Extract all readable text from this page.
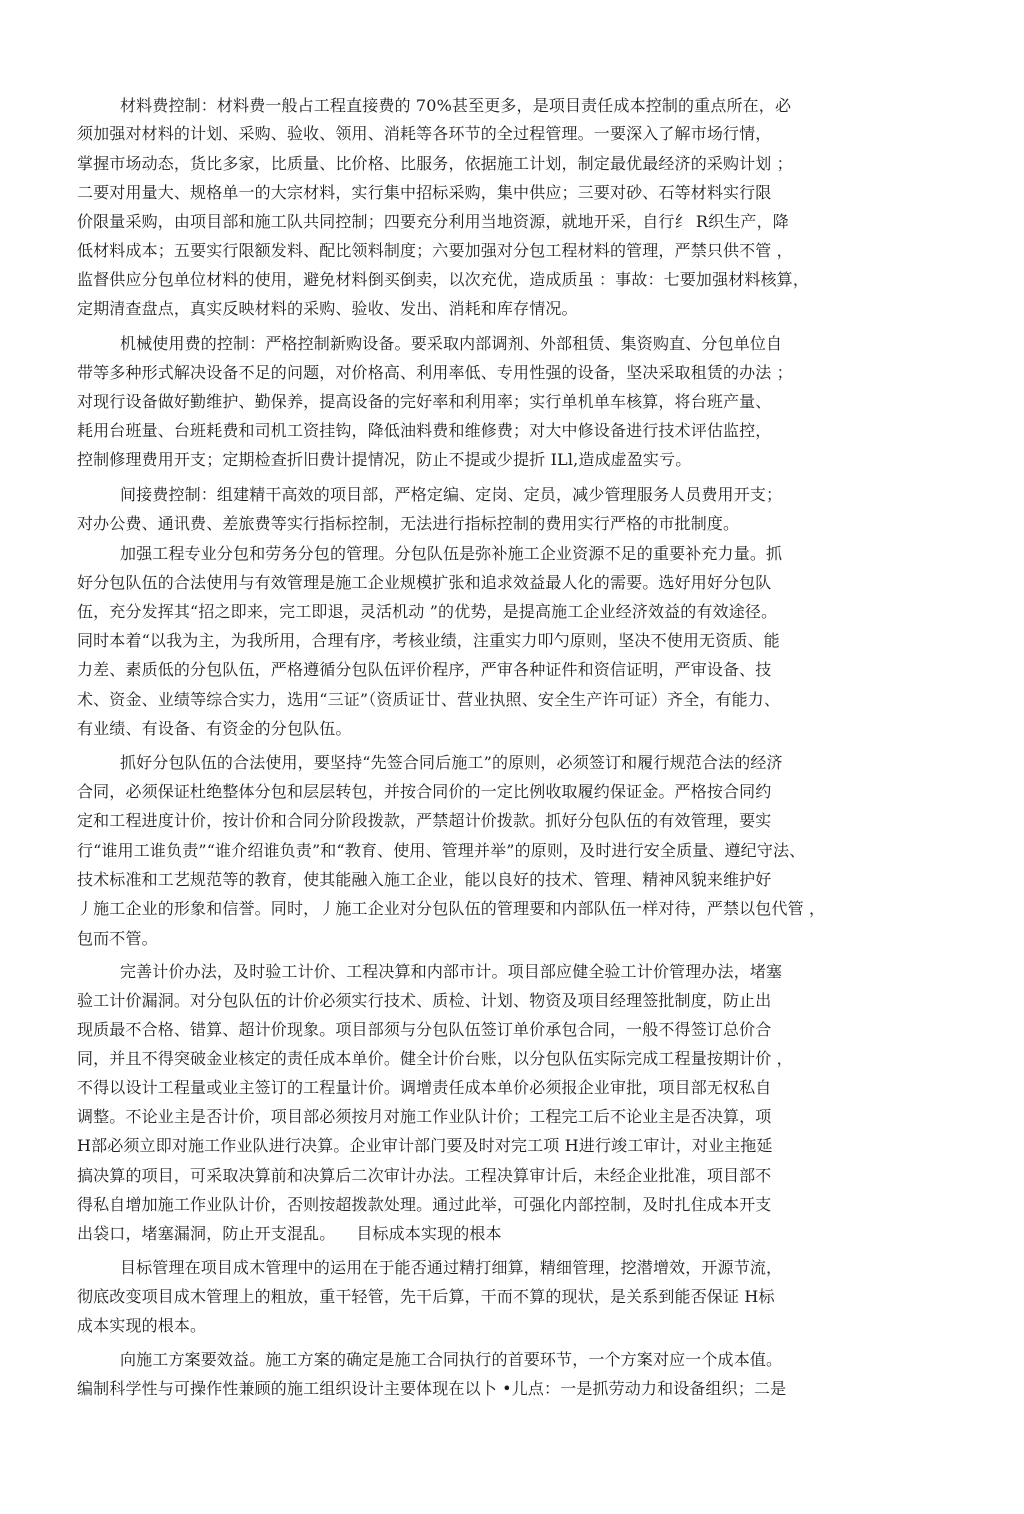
材料费控制：材料费一般占工程直接费的 70%甚至更多，是项目责任成本控制的重点所在，必
须加强对材料的计划、采购、验收、领用、消耗等各环节的全过程管理。一要深入了解市场行情，
掌握市场动态，货比多家，比质量、比价格、比服务，依据施工计划，制定最优最经济的采购计划 ；
二要对用量大、规格单一的大宗材料，实行集中招标采购，集中供应；三要对砂、石等材料实行限
价限量采购，由项目部和施工队共同控制；四要充分利用当地资源，就地开采，自行纟 R织生产，降
低材料成本；五要实行限额发料、配比领料制度；六要加强对分包工程材料的管理，严禁只供不管 ，
监督供应分包单位材料的使用，避免材料倒买倒卖，以次充优，造成质虽 ：事故：七要加强材料核算，
定期清查盘点，真实反映材料的采购、验收、发出、消耗和库存情况。
机械使用费的控制：严格控制新购设备。要采取内部调剂、外部租赁、集资购直、分包单位自
带等多种形式解决设备不足的问题，对价格高、利用率低、专用性强的设备，坚决采取租赁的办法 ；
对现行设备做好勤维护、勤保养，提高设备的完好率和利用率；实行单机单车核算，将台班产量、
耗用台班量、台班耗费和司机工资挂钩，降低油料费和维修费；对大中修设备进行技术评估监控，
控制修理费用开支；定期检查折旧费计提情况，防止不提或少提折 ILl,造成虚盈实亏。
间接费控制：组建精干高效的项目部，严格定编、定岗、定员，减少管理服务人员费用开支；
对办公费、通讯费、差旅费等实行指标控制，无法进行指标控制的费用实行严格的市批制度。
加强工程专业分包和劳务分包的管理。分包队伍是弥补施工企业资源不足的重要补充力量。抓
好分包队伍的合法使用与有效管理是施工企业规模扩张和追求效益最人化的需要。选好用好分包队
伍，充分发挥其“招之即来，完工即退，灵活机动 ”的优势，是提高施工企业经济效益的有效途径。
同时本着“以我为主，为我所用，合理有序，考核业绩，注重实力叩勺原则，坚决不使用无资质、能
力差、素质低的分包队伍，严格遵循分包队伍评价程序，严审各种证件和资信证明，严审设备、技
术、资金、业绩等综合实力，选用“三证”（资质证廿、营业执照、安全生产许可证）齐全，有能力、
有业绩、有设备、有资金的分包队伍。
抓好分包队伍的合法使用，要坚持“先签合同后施工”的原则，必须签订和履行规范合法的经济
合同，必须保证杜绝整体分包和层层转包，并按合同价的一定比例收取履约保证金。严格按合同约
定和工程进度计价，按计价和合同分阶段拨款，严禁超计价拨款。抓好分包队伍的有效管理，要实
行“谁用工谁负责”“谁介绍谁负责”和“教育、使用、管理并举”的原则，及时进行安全质量、遵纪守法、
技术标准和工艺规范等的教育，使其能融入施工企业，能以良好的技术、管理、精神风貌来维护好
丿施工企业的形象和信誉。同时，丿施工企业对分包队伍的管理要和内部队伍一样对待，严禁以包代管 ，
包而不管。
完善计价办法，及时验工计价、工程决算和内部市计。项目部应健全验工计价管理办法，堵塞
验工计价漏洞。对分包队伍的计价必须实行技术、质检、计划、物资及项目经理签批制度，防止出
现质最不合格、错算、超计价现象。项目部须与分包队伍签订单价承包合同，一般不得签订总价合
同，并且不得突破金业核定的责任成本单价。健全计价台账，以分包队伍实际完成工程量按期计价 ，
不得以设计工程量或业主签订的工程量计价。调增责任成本单价必须报企业审批，项目部无权私自
调整。不论业主是否计价，项目部必须按月对施工作业队计价；工程完工后不论业主是否决算，项
H部必须立即对施工作业队进行决算。企业审计部门要及时对完工项 H进行竣工审计，对业主拖延
搞决算的项目，可采取决算前和决算后二次审计办法。工程决算审计后，未经企业批准，项目部不
得私自增加施工作业队计价，否则按超拨款处理。通过此举，可强化内部控制，及时扎住成本开支
出袋口，堵塞漏洞，防止开支混乱。    目标成本实现的根本
目标管理在项目成木管理中的运用在于能否通过精打细算，精细管理，挖潜增效，开源节流，
彻底改变项目成木管理上的粗放，重干轻管，先干后算，干而不算的现状，是关系到能否保证 H标
成本实现的根本。
向施工方案要效益。施工方案的确定是施工合同执行的首要环节，一个方案对应一个成本值。
编制科学性与可操作性兼顾的施工组织设计主要体现在以卜 •儿点：一是抓劳动力和设备组织；二是
